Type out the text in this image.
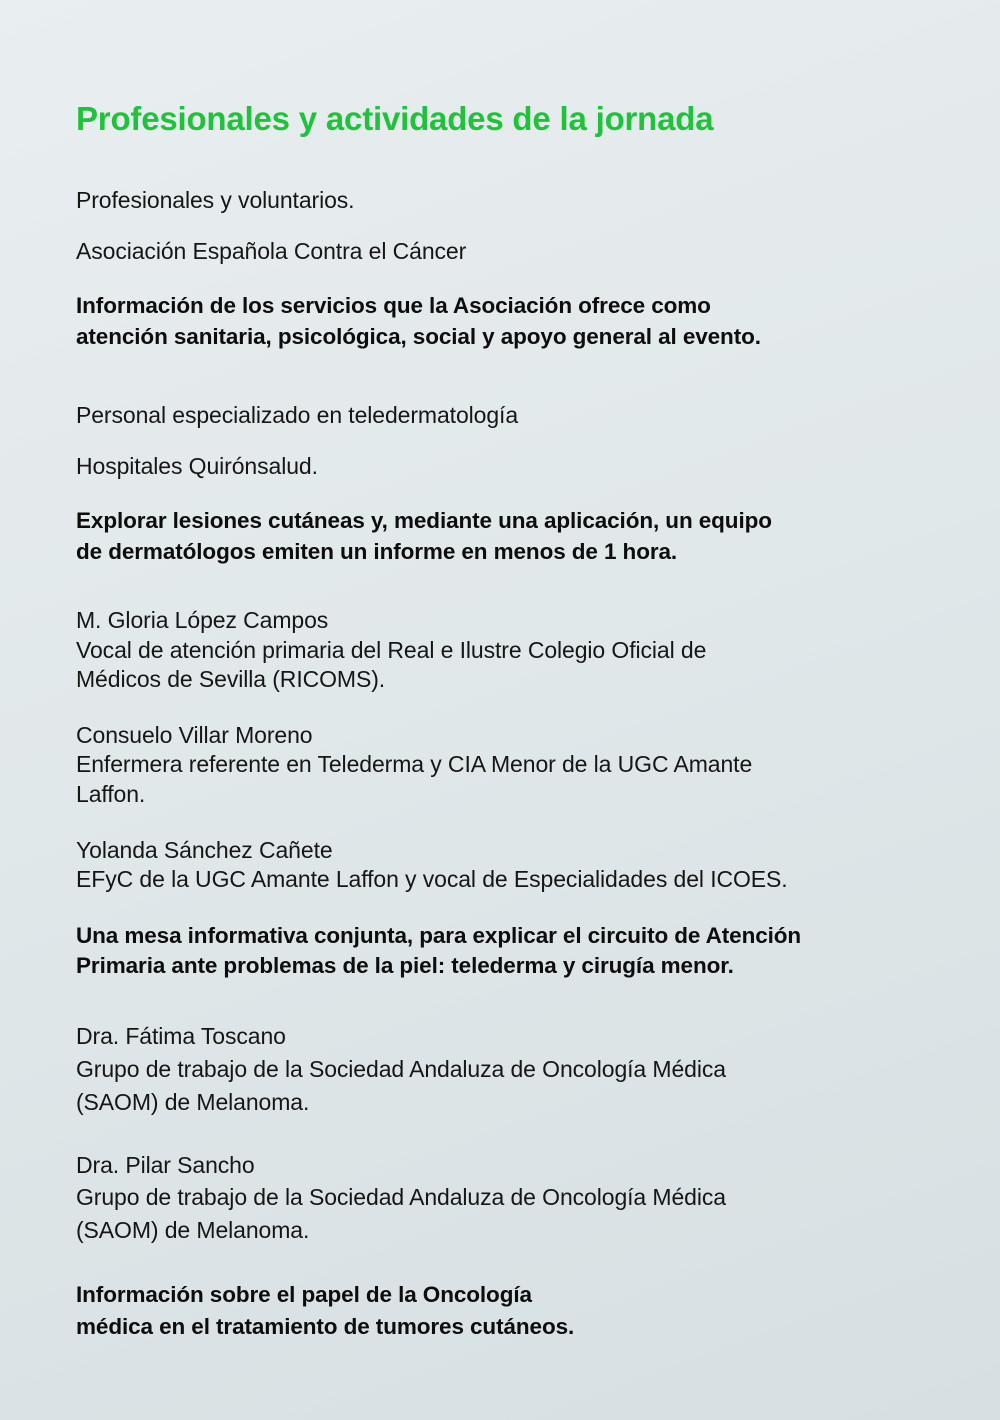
Profesionales y actividades de la jornada

Profesionales y voluntarios.

Asociación Española Contra el Cáncer

Información de los servicios que la Asociación ofrece como

atención sanitaria, psicológica, social y apoyo general al evento.

Personal especializado en teledermatología

Hospitales Quirónsalud.

Explorar lesiones cutáneas y, mediante una aplicación, un equipo

de dermatólogos emiten un informe en menos de 1 hora.

M. Gloria López Campos

Vocal de atención primaria del Real e Ilustre Colegio Oficial de

Médicos de Sevilla (RICOMS).

Consuelo Villar Moreno

Enfermera referente en Telederma y CIA Menor de la UGC Amante

Laffon.

Yolanda Sánchez Cañete

EFyC de la UGC Amante Laffon y vocal de Especialidades del ICOES.

Una mesa informativa conjunta, para explicar el circuito de Atención

Primaria ante problemas de la piel: telederma y cirugía menor.

Dra. Fátima Toscano

Grupo de trabajo de la Sociedad Andaluza de Oncología Médica

(SAOM) de Melanoma.

Dra. Pilar Sancho

Grupo de trabajo de la Sociedad Andaluza de Oncología Médica

(SAOM) de Melanoma.

Información sobre el papel de la Oncología

médica en el tratamiento de tumores cutáneos.
